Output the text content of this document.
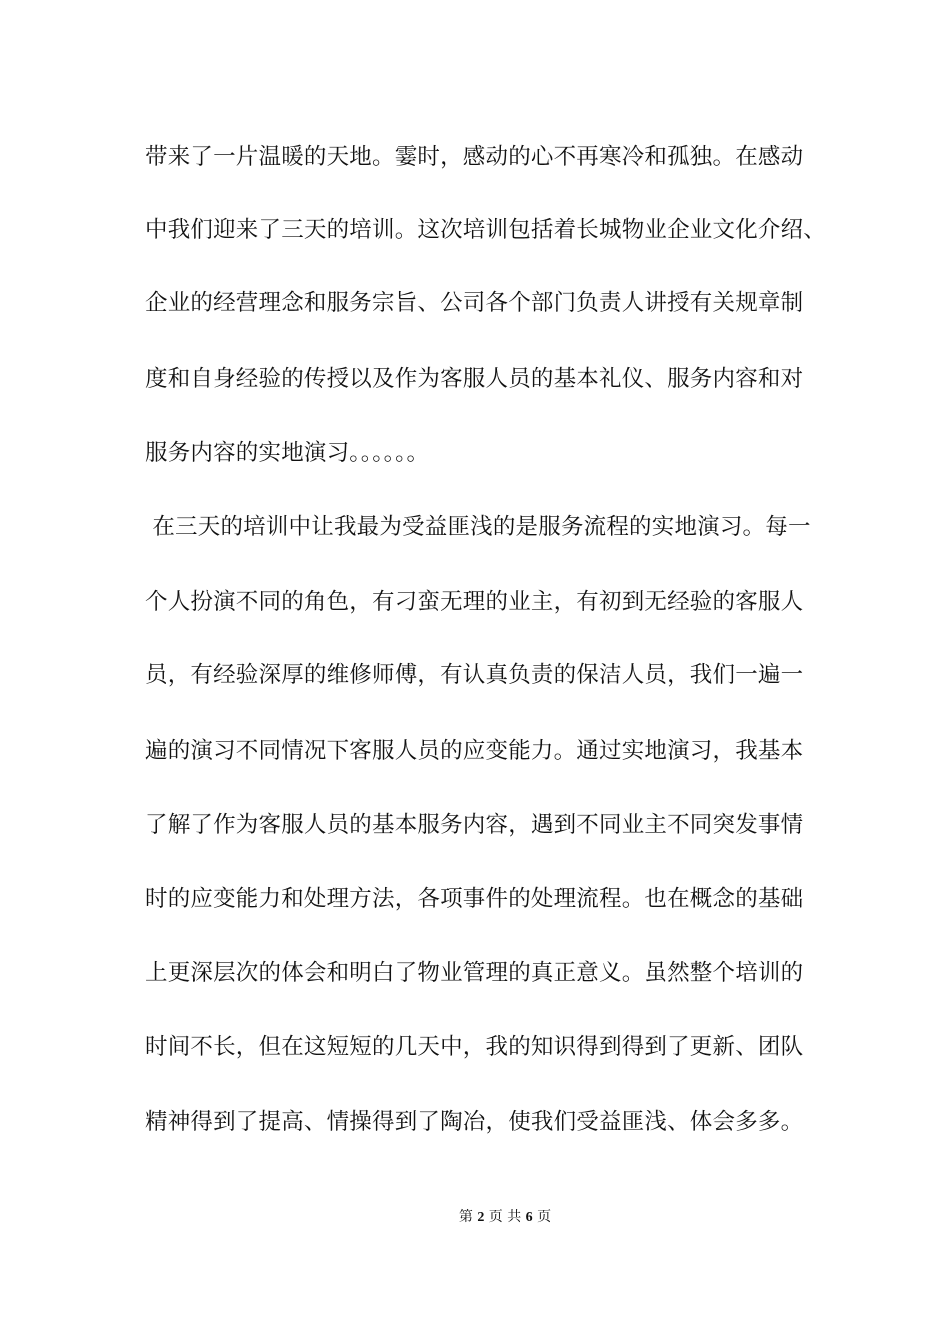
带来了一片温暖的天地。霎时，感动的心不再寒冷和孤独。在感动
中我们迎来了三天的培训。这次培训包括着长城物业企业文化介绍、
企业的经营理念和服务宗旨、公司各个部门负责人讲授有关规章制
度和自身经验的传授以及作为客服人员的基本礼仪、服务内容和对
服务内容的实地演习。。。。。。
在三天的培训中让我最为受益匪浅的是服务流程的实地演习。每一
个人扮演不同的角色，有刁蛮无理的业主，有初到无经验的客服人
员，有经验深厚的维修师傅，有认真负责的保洁人员，我们一遍一
遍的演习不同情况下客服人员的应变能力。通过实地演习，我基本
了解了作为客服人员的基本服务内容，遇到不同业主不同突发事情
时的应变能力和处理方法，各项事件的处理流程。也在概念的基础
上更深层次的体会和明白了物业管理的真正意义。虽然整个培训的
时间不长，但在这短短的几天中，我的知识得到得到了更新、团队
精神得到了提高、情操得到了陶冶，使我们受益匪浅、体会多多。
第 2 页 共 6 页
